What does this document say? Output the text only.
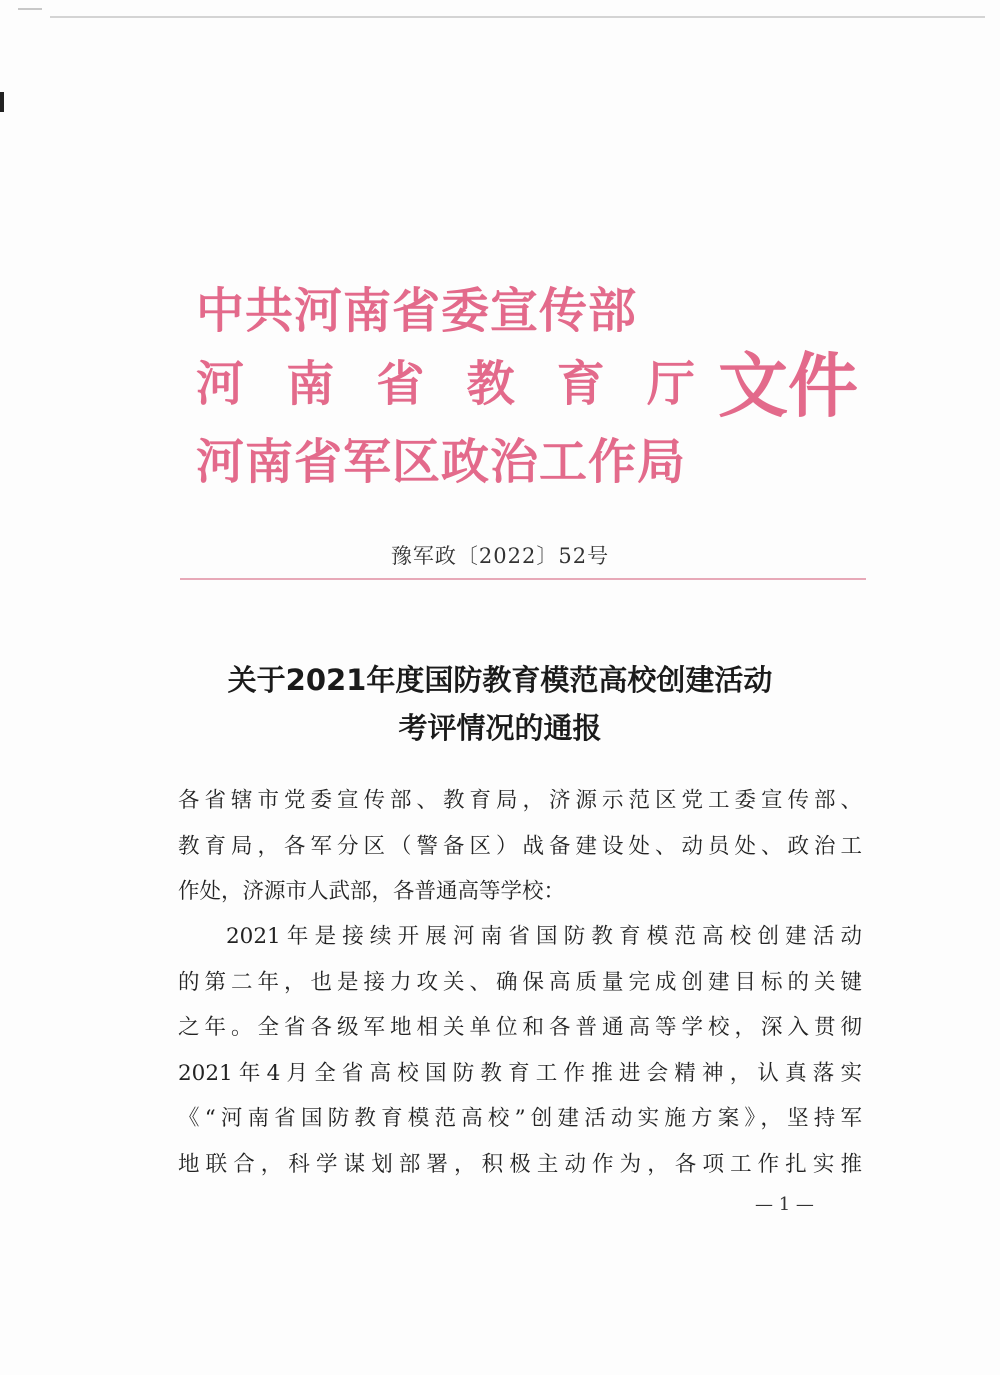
中共河南省委宣传部
河 南 省 教 育 厅
河南省军区政治工作局
文件
豫军政〔2022〕52号
关于2021年度国防教育模范高校创建活动
考评情况的通报
各省辖市党委宣传部、教育局，济源示范区党工委宣传部、
教育局，各军分区（警备区）战备建设处、动员处、政治工
作处，济源市人武部，各普通高等学校：
2021年是接续开展河南省国防教育模范高校创建活动
的第二年，也是接力攻关、确保高质量完成创建目标的关键
之年。全省各级军地相关单位和各普通高等学校，深入贯彻
2021年4月全省高校国防教育工作推进会精神，认真落实
《“河南省国防教育模范高校”创建活动实施方案》，坚持军
地联合，科学谋划部署，积极主动作为，各项工作扎实推
— 1 —
